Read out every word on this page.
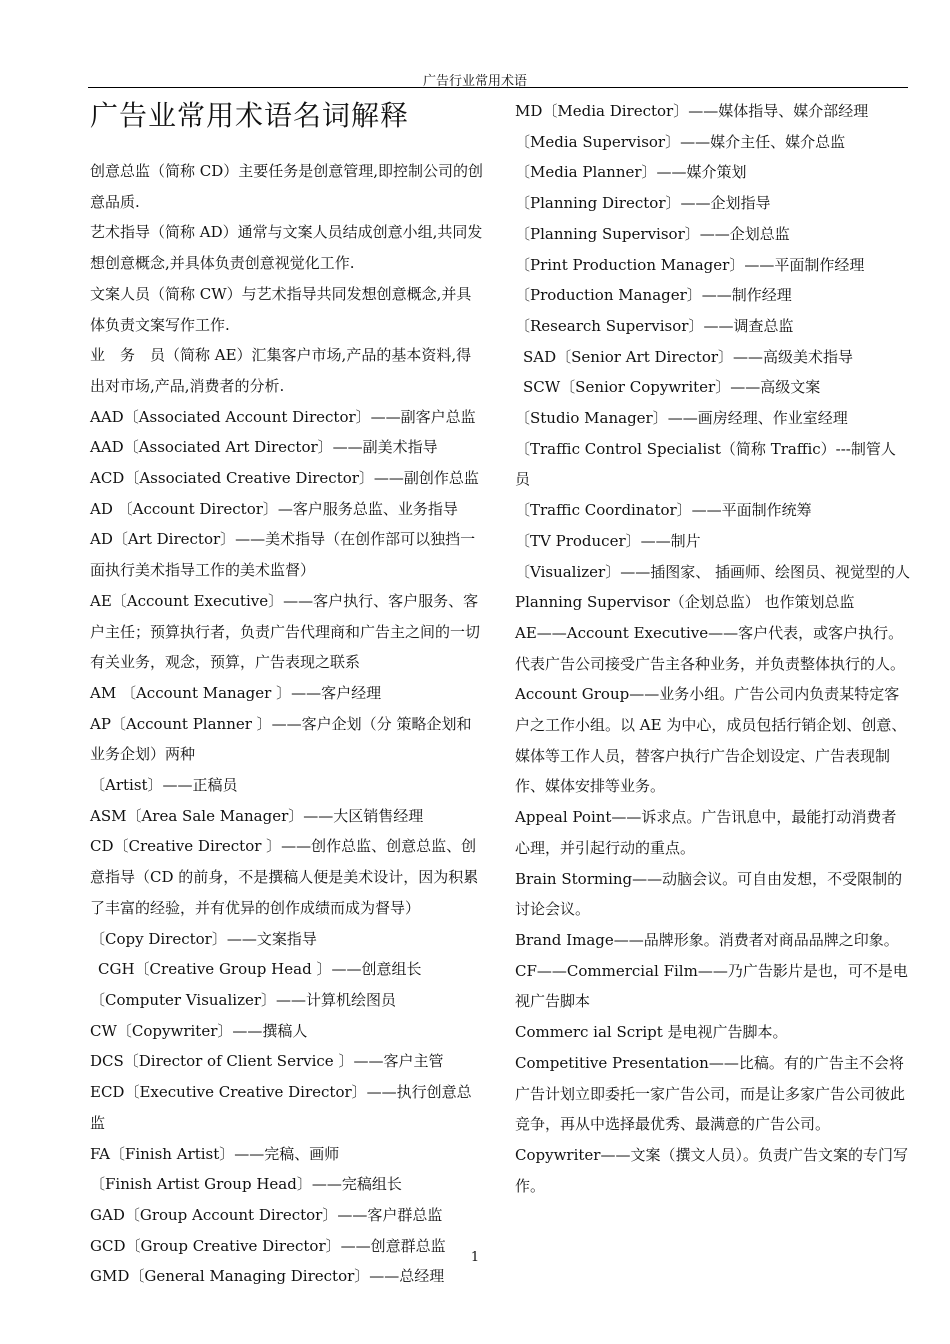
广告行业常用术语
广告业常用术语名词解释

创意总监（简称 CD）主要任务是创意管理,即控制公司的创意品质.

艺术指导（简称 AD）通常与文案人员结成创意小组,共同发想创意概念,并具体负责创意视觉化工作.

文案人员（简称 CW）与艺术指导共同发想创意概念,并具体负责文案写作工作.

业　务　员（简称 AE）汇集客户市场,产品的基本资料,得出对市场,产品,消费者的分析.

AAD〔Associated Account Director〕——副客户总监

AAD〔Associated Art Director〕——副美术指导

ACD〔Associated Creative Director〕——副创作总监

AD 〔Account Director〕—客户服务总监、业务指导

AD〔Art Director〕——美术指导（在创作部可以独挡一面执行美术指导工作的美术监督）

AE〔Account Executive〕——客户执行、客户服务、客户主任；预算执行者，负责广告代理商和广告主之间的一切有关业务，观念，预算，广告表现之联系

AM 〔Account Manager 〕——客户经理

AP〔Account Planner 〕——客户企划（分 策略企划和业务企划）两种

〔Artist〕——正稿员

ASM〔Area Sale Manager〕——大区销售经理

CD〔Creative Director 〕——创作总监、创意总监、创意指导（CD 的前身，不是撰稿人便是美术设计，因为积累了丰富的经验，并有优异的创作成绩而成为督导）

〔Copy Director〕——文案指导

CGH〔Creative Group Head 〕——创意组长

〔Computer Visualizer〕——计算机绘图员

CW〔Copywriter〕——撰稿人

DCS〔Director of Client Service 〕——客户主管

ECD〔Executive Creative Director〕——执行创意总监

FA〔Finish Artist〕——完稿、画师

〔Finish Artist Group Head〕——完稿组长

GAD〔Group Account Director〕——客户群总监

GCD〔Group Creative Director〕——创意群总监

GMD〔General Managing Director〕——总经理

MD〔Media Director〕——媒体指导、媒介部经理

〔Media Supervisor〕——媒介主任、媒介总监

〔Media Planner〕——媒介策划

〔Planning Director〕——企划指导

〔Planning Supervisor〕——企划总监

〔Print Production Manager〕——平面制作经理

〔Production Manager〕——制作经理

〔Research Supervisor〕——调查总监

SAD〔Senior Art Director〕——高级美术指导

SCW〔Senior Copywriter〕——高级文案

〔Studio Manager〕——画房经理、作业室经理

〔Traffic Control Specialist（简称 Traffic）---制管人员

〔Traffic Coordinator〕——平面制作统筹

〔TV Producer〕——制片

〔Visualizer〕——插图家、 插画师、绘图员、视觉型的人

Planning Supervisor（企划总监） 也作策划总监

AE——Account Executive——客户代表，或客户执行。代表广告公司接受广告主各种业务，并负责整体执行的人。

Account Group——业务小组。广告公司内负责某特定客户之工作小组。以 AE 为中心，成员包括行销企划、创意、媒体等工作人员，替客户执行广告企划设定、广告表现制作、媒体安排等业务。

Appeal Point——诉求点。广告讯息中，最能打动消费者心理，并引起行动的重点。

Brain Storming——动脑会议。可自由发想，不受限制的讨论会议。

Brand Image——品牌形象。消费者对商品品牌之印象。

CF——Commercial Film——乃广告影片是也，可不是电视广告脚本

Commerc ial Script 是电视广告脚本。

Competitive Presentation——比稿。有的广告主不会将广告计划立即委托一家广告公司，而是让多家广告公司彼此竞争，再从中选择最优秀、最满意的广告公司。

Copywriter——文案（撰文人员）。负责广告文案的专门写作。

1
